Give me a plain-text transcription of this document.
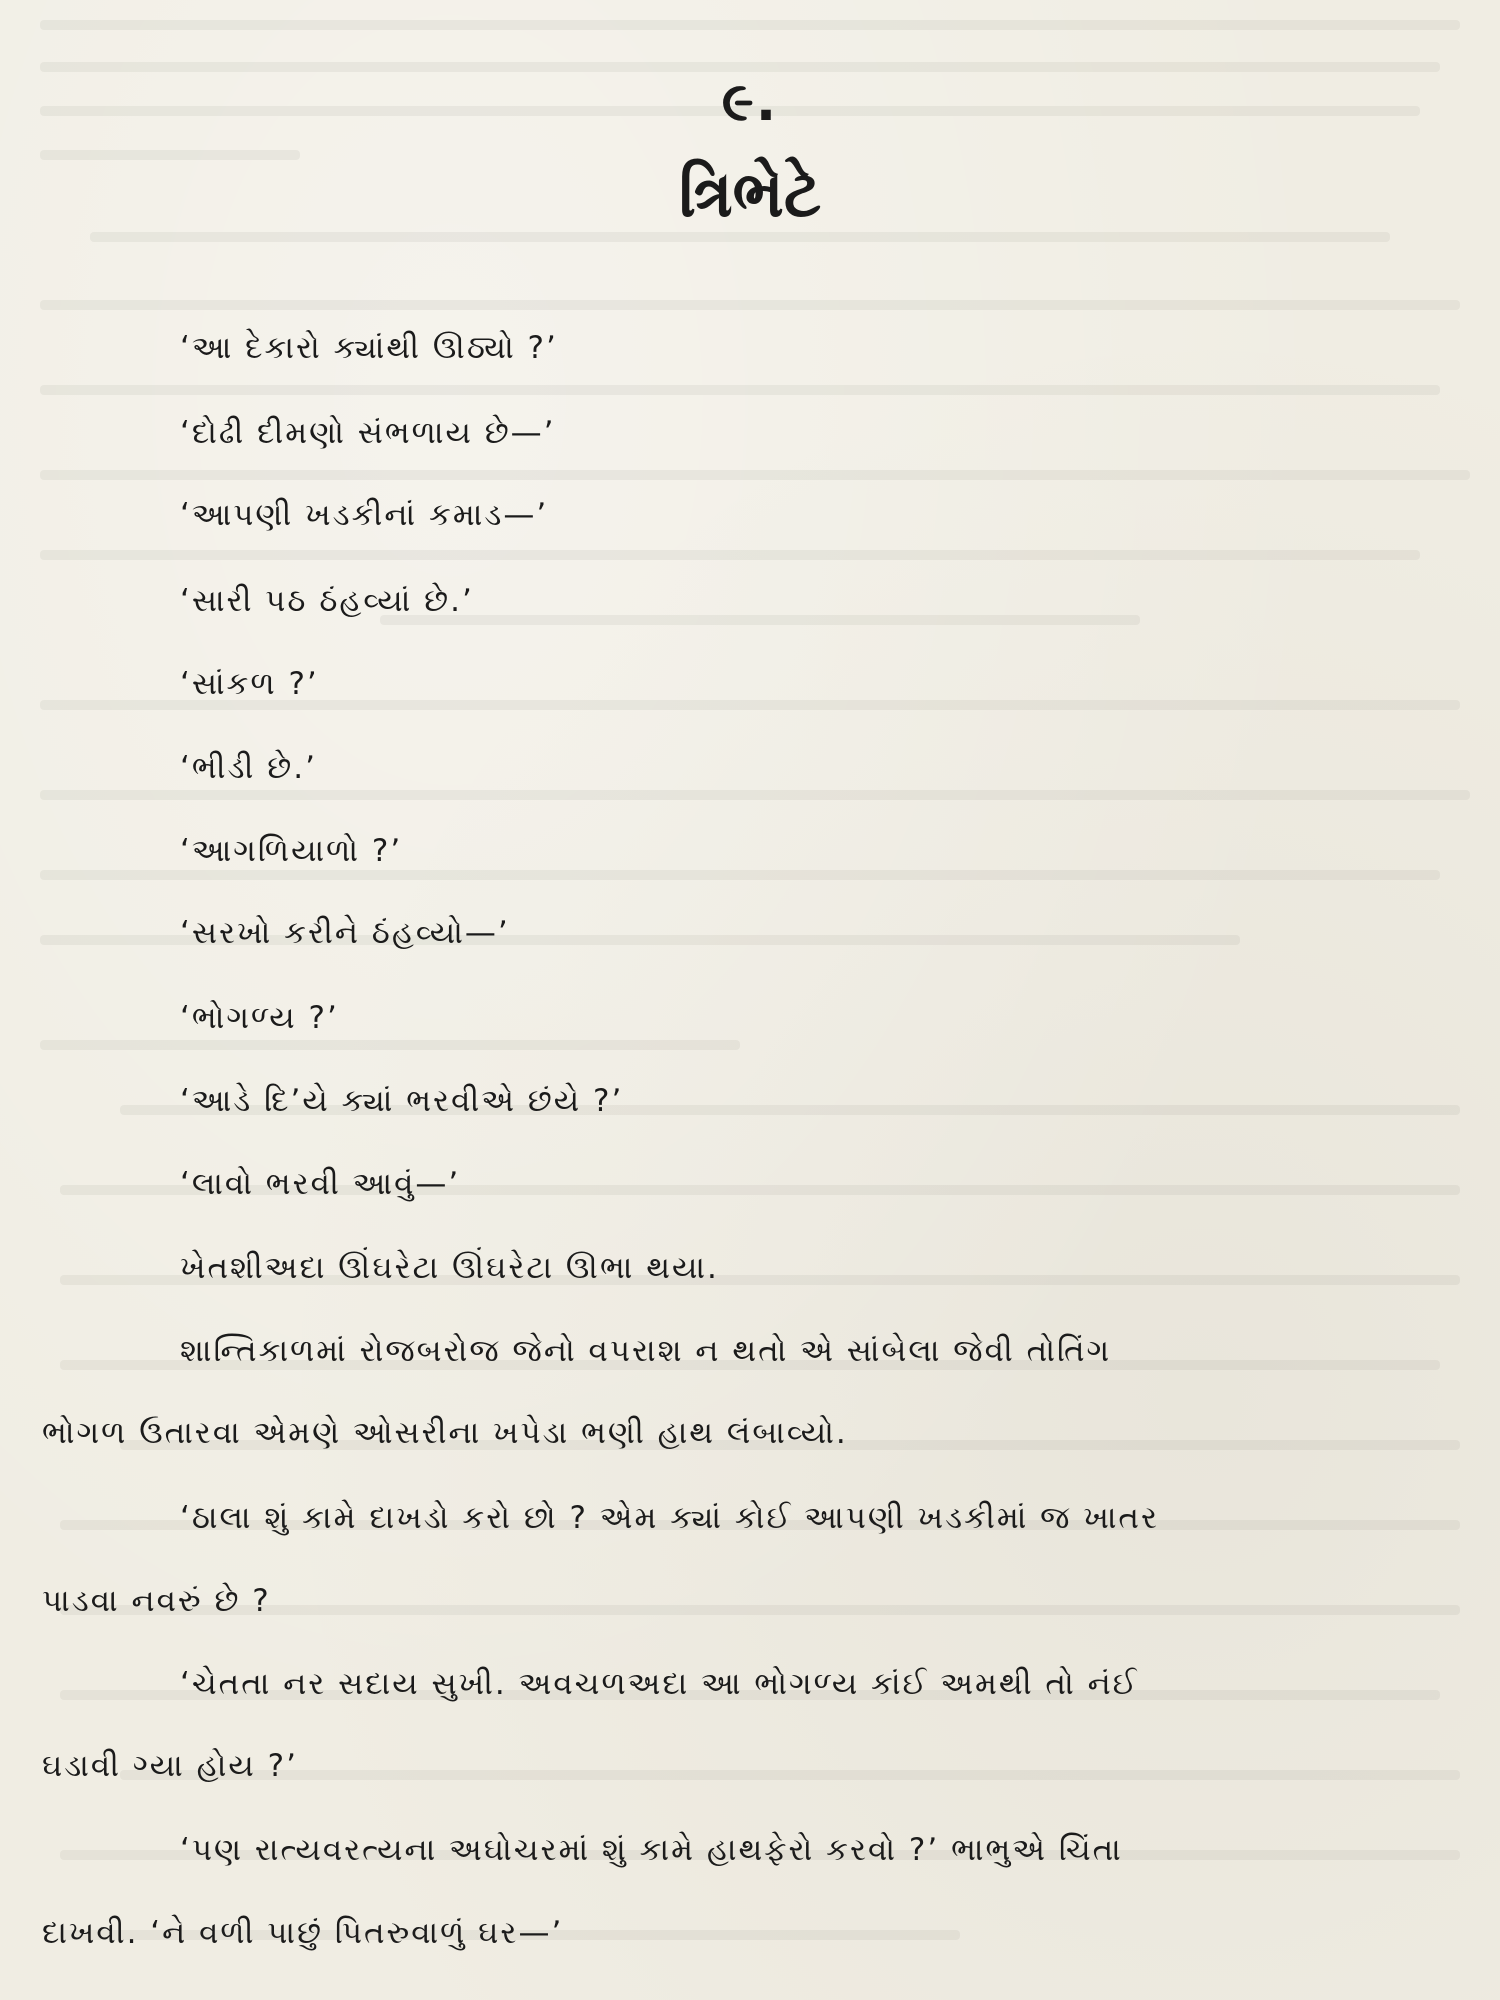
૯.
ત્રિભેટે
‘આ દેકારો ક્યાંથી ઊઠ્યો ?’
‘દોઢી દીમણો સંભળાય છે—’
‘આપણી ખડકીનાં કમાડ—’
‘સારી પઠ ઠંહવ્યાં છે.’
‘સાંકળ ?’
‘ભીડી છે.’
‘આગળિયાળો ?’
‘સરખો કરીને ઠંહવ્યો—’
‘ભોગળ્ય ?’
‘આડે દિ’યે ક્યાં ભરવીએ છંયે ?’
‘લાવો ભરવી આવું—’
ખેતશીઅદા ઊંઘરેટા ઊંઘરેટા ઊભા થયા.
શાન્તિકાળમાં રોજબરોજ જેનો વપરાશ ન થતો એ સાંબેલા જેવી તોતિંગ
ભોગળ ઉતારવા એમણે ઓસરીના ખપેડા ભણી હાથ લંબાવ્યો.
‘ઠાલા શું કામે દાખડો કરો છો ? એમ ક્યાં કોઈ આપણી ખડકીમાં જ ખાતર
પાડવા નવરું છે ?
‘ચેતતા નર સદાય સુખી. અવચળઅદા આ ભોગળ્ય કાંઈ અમથી તો નંઈ
ઘડાવી ગ્યા હોય ?’
‘પણ રાત્યવરત્યના અઘોચરમાં શું કામે હાથફેરો કરવો ?’ ભાભુએ ચિંતા
દાખવી. ‘ને વળી પાછું પિતરુવાળું ઘર—’
